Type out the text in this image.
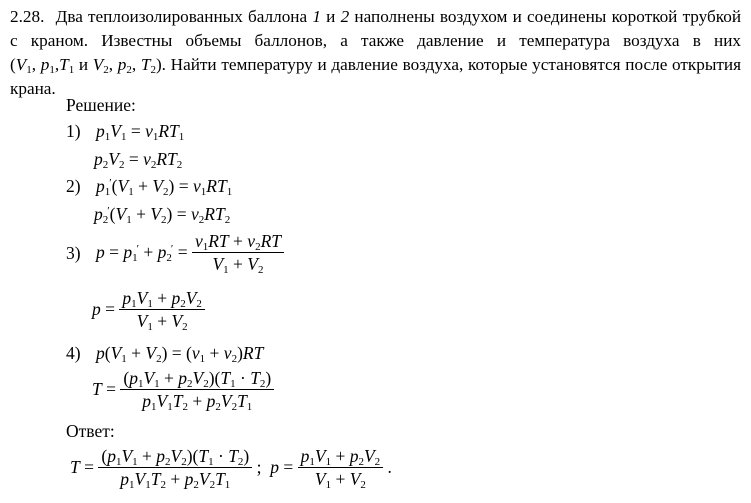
2.28. Два теплоизолированных баллона 1 и 2 наполнены воздухом и соединены короткой трубкой с краном. Известны объемы баллонов, а также давление и температура воздуха в них ($V_1$, $p_1,T_1$ и $V_2$, $p_2$, $T_2$). Найти температуру и давление воздуха, которые установятся после открытия крана.
Решение:
1) $p_1V_1 = \nu_1RT_1$
$p_2V_2 = \nu_2RT_2$
2) $p_1'(V_1 + V_2) = \nu_1RT_1$
$p_2'(V_1 + V_2) = \nu_2RT_2$
3) $p = p_1' + p_2' = \frac{\nu_1RT + \nu_2RT}{V_1 + V_2}$
$p = \frac{p_1V_1 + p_2V_2}{V_1 + V_2}$
4) $p(V_1 + V_2) = (\nu_1 + \nu_2)RT$
$T = \frac{(p_1V_1 + p_2V_2)(T_1 \cdot T_2)}{p_1V_1T_2 + p_2V_2T_1}$
Ответ:
$T = \frac{(p_1V_1 + p_2V_2)(T_1 \cdot T_2)}{p_1V_1T_2 + p_2V_2T_1}$ ;  $p = \frac{p_1V_1 + p_2V_2}{V_1 + V_2}$ .
